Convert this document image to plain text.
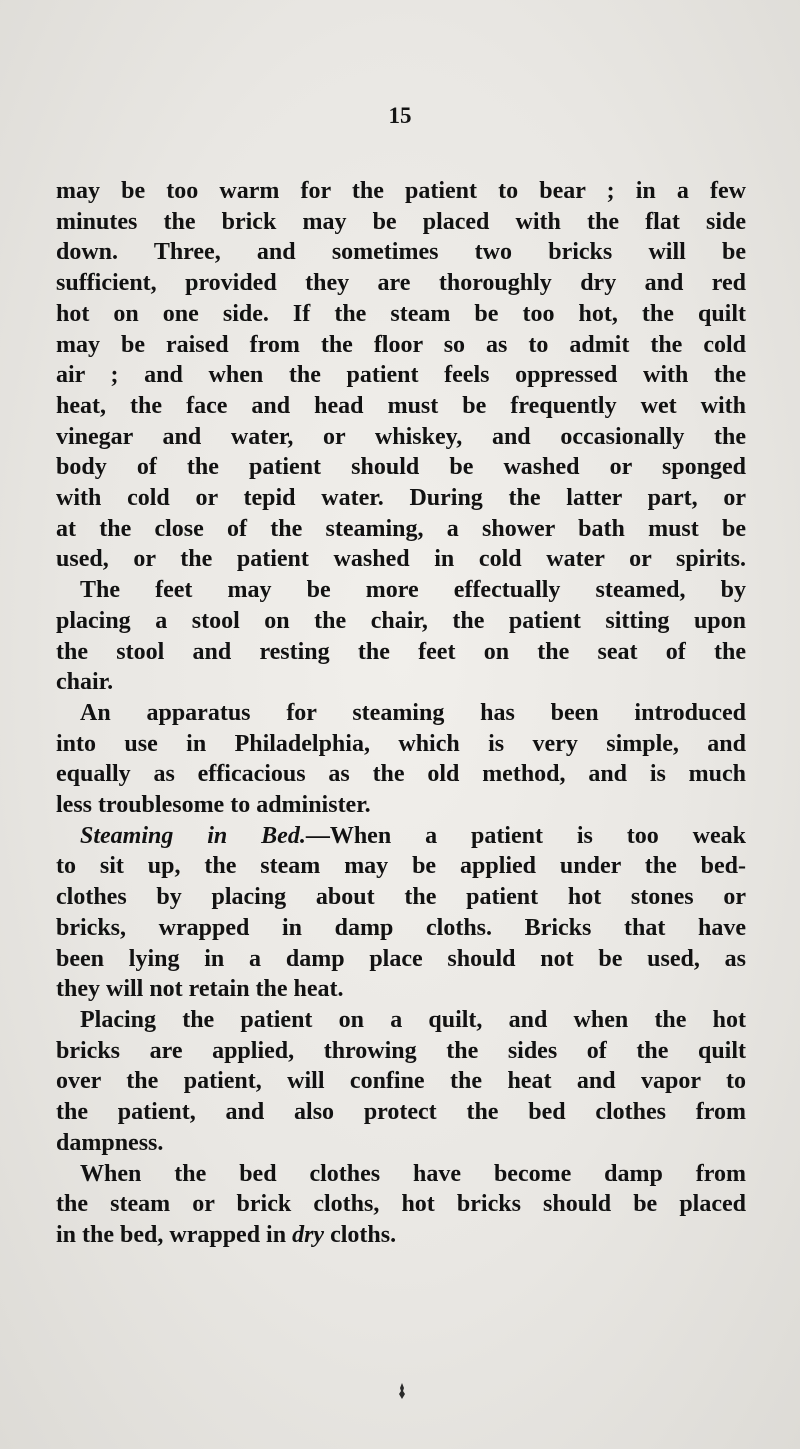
15
may be too warm for the patient to bear ; in a few
minutes the brick may be placed with the flat side
down. Three, and sometimes two bricks will be
sufficient, provided they are thoroughly dry and red
hot on one side. If the steam be too hot, the quilt
may be raised from the floor so as to admit the cold
air ; and when the patient feels oppressed with the
heat, the face and head must be frequently wet with
vinegar and water, or whiskey, and occasionally the
body of the patient should be washed or sponged
with cold or tepid water. During the latter part, or
at the close of the steaming, a shower bath must be
used, or the patient washed in cold water or spirits.
The feet may be more effectually steamed, by
placing a stool on the chair, the patient sitting upon
the stool and resting the feet on the seat of the
chair.
An apparatus for steaming has been introduced
into use in Philadelphia, which is very simple, and
equally as efficacious as the old method, and is much
less troublesome to administer.
Steaming in Bed.—When a patient is too weak
to sit up, the steam may be applied under the bed-
clothes by placing about the patient hot stones or
bricks, wrapped in damp cloths. Bricks that have
been lying in a damp place should not be used, as
they will not retain the heat.
Placing the patient on a quilt, and when the hot
bricks are applied, throwing the sides of the quilt
over the patient, will confine the heat and vapor to
the patient, and also protect the bed clothes from
dampness.
When the bed clothes have become damp from
the steam or brick cloths, hot bricks should be placed
in the bed, wrapped in dry cloths.
